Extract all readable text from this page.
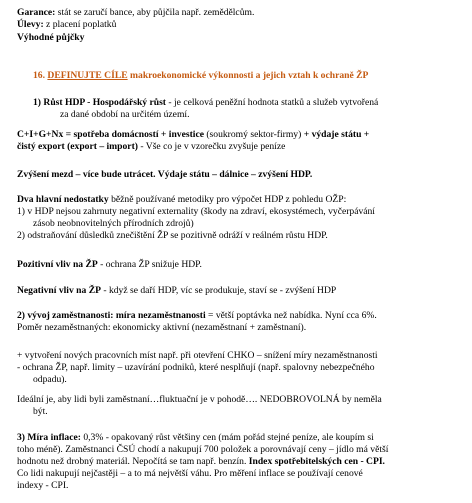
Garance: stát se zaručí bance, aby půjčila např. zemědělcům.
Úlevy: z placení poplatků
Výhodné půjčky
16. DEFINUJTE CÍLE makroekonomické výkonnosti a jejich vztah k ochraně ŽP
1) Růst HDP - Hospodářský růst - je celková peněžní hodnota statků a služeb vytvořená
za dané období na určitém území.
C+I+G+Nx = spotřeba domácností + investice (soukromý sektor-firmy) + výdaje státu +
čistý export (export – import) - Vše co je v vzorečku zvyšuje peníze
Zvýšení mezd – více bude utrácet. Výdaje státu – dálnice – zvýšení HDP.
Dva hlavní nedostatky běžně používané metodiky pro výpočet HDP z pohledu OŽP:
1) v HDP nejsou zahrnuty negativní externality (škody na zdraví, ekosystémech, vyčerpávání
zásob neobnovitelných přírodních zdrojů)
2) odstraňování důsledků znečištění ŽP se pozitivně odráží v reálném růstu HDP.
Pozitivní vliv na ŽP - ochrana ŽP snižuje HDP.
Negativní vliv na ŽP - když se daří HDP, víc se produkuje, staví se - zvýšení HDP
2) vývoj zaměstnanosti: míra nezaměstnanosti = větší poptávka než nabídka. Nyní cca 6%.
Poměr nezaměstnaných: ekonomicky aktivní (nezaměstnaní + zaměstnaní).
+ vytvoření nových pracovních míst např. při otevření CHKO – snížení míry nezaměstnanosti
- ochrana ŽP, např. limity – uzavírání podniků, které nesplňují (např. spalovny nebezpečného
odpadu).
Ideální je, aby lidi byli zaměstnaní…fluktuační je v pohodě…. NEDOBROVOLNÁ by neměla
být.
3) Míra inflace: 0,3% - opakovaný růst většiny cen (mám pořád stejné peníze, ale koupím si
toho méně). Zaměstnanci ČSÚ chodí a nakupují 700 položek a porovnávají ceny – jídlo má větší
hodnotu než drobný materiál. Nepočítá se tam např. benzín. Index spotřebitelských cen - CPI.
Co lidi nakupují nejčastěji – a to má největší váhu. Pro měření inflace se používají cenové
indexy - CPI.
